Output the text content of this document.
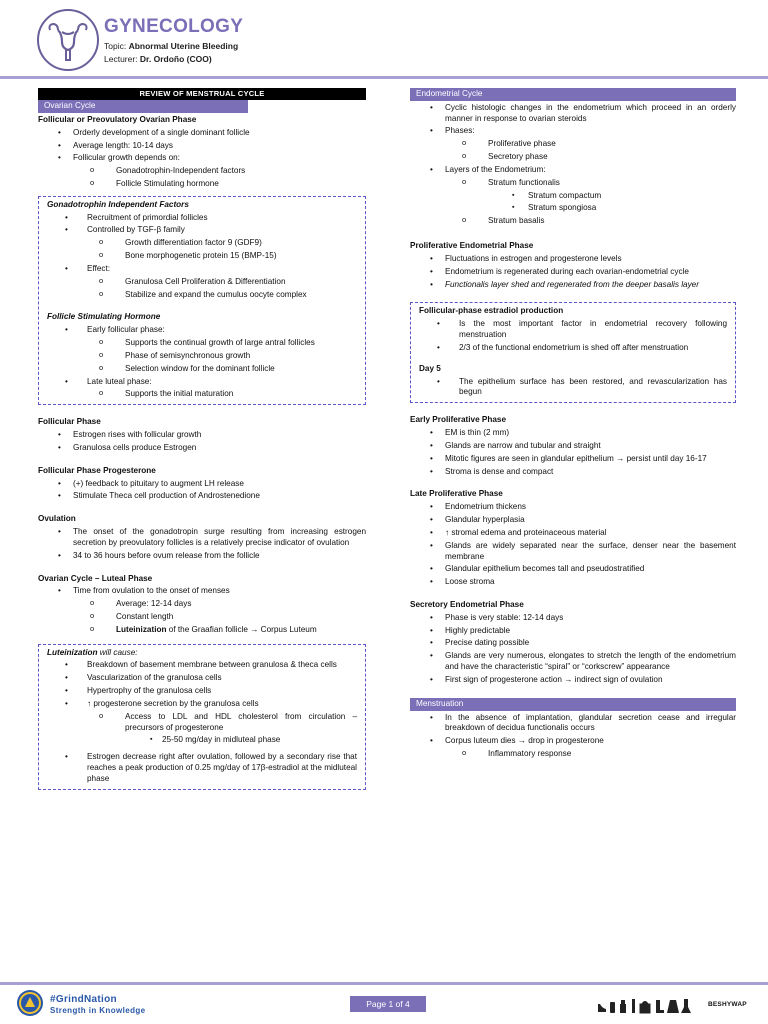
GYNECOLOGY
Topic: Abnormal Uterine Bleeding
Lecturer: Dr. Ordoño (COO)
REVIEW OF MENSTRUAL CYCLE
Ovarian Cycle
Follicular or Preovulatory Ovarian Phase
• Orderly development of a single dominant follicle
• Average length: 10-14 days
• Follicular growth depends on:
o Gonadotrophin-Independent factors
o Follicle Stimulating hormone
Gonadotrophin Independent Factors
• Recruitment of primordial follicles
• Controlled by TGF-β family
o Growth differentiation factor 9 (GDF9)
o Bone morphogenetic protein 15 (BMP-15)
• Effect:
o Granulosa Cell Proliferation & Differentiation
o Stabilize and expand the cumulus oocyte complex
Follicle Stimulating Hormone
• Early follicular phase:
o Supports the continual growth of large antral follicles
o Phase of semisynchronous growth
o Selection window for the dominant follicle
• Late luteal phase:
o Supports the initial maturation
Follicular Phase
• Estrogen rises with follicular growth
• Granulosa cells produce Estrogen
Follicular Phase Progesterone
• (+) feedback to pituitary to augment LH release
• Stimulate Theca cell production of Androstenedione
Ovulation
• The onset of the gonadotropin surge resulting from increasing estrogen secretion by preovulatory follicles is a relatively precise indicator of ovulation
• 34 to 36 hours before ovum release from the follicle
Ovarian Cycle – Luteal Phase
• Time from ovulation to the onset of menses
o Average: 12-14 days
o Constant length
o Luteinization of the Graafian follicle → Corpus Luteum
Luteinization will cause:
• Breakdown of basement membrane between granulosa & theca cells
• Vascularization of the granulosa cells
• Hypertrophy of the granulosa cells
• ↑ progesterone secretion by the granulosa cells
o Access to LDL and HDL cholesterol from circulation – precursors of progesterone
▪ 25-50 mg/day in midluteal phase
• Estrogen decrease right after ovulation, followed by a secondary rise that reaches a peak production of 0.25 mg/day of 17β-estradiol at the midluteal phase
Endometrial Cycle
• Cyclic histologic changes in the endometrium which proceed in an orderly manner in response to ovarian steroids
• Phases:
o Proliferative phase
o Secretory phase
• Layers of the Endometrium:
o Stratum functionalis
▪ Stratum compactum
▪ Stratum spongiosa
o Stratum basalis
Proliferative Endometrial Phase
• Fluctuations in estrogen and progesterone levels
• Endometrium is regenerated during each ovarian-endometrial cycle
• Functionalis layer shed and regenerated from the deeper basalis layer
Follicular-phase estradiol production
• Is the most important factor in endometrial recovery following menstruation
• 2/3 of the functional endometrium is shed off after menstruation
Day 5
• The epithelium surface has been restored, and revascularization has begun
Early Proliferative Phase
• EM is thin (2 mm)
• Glands are narrow and tubular and straight
• Mitotic figures are seen in glandular epithelium → persist until day 16-17
• Stroma is dense and compact
Late Proliferative Phase
• Endometrium thickens
• Glandular hyperplasia
• ↑ stromal edema and proteinaceous material
• Glands are widely separated near the surface, denser near the basement membrane
• Glandular epithelium becomes tall and pseudostratified
• Loose stroma
Secretory Endometrial Phase
• Phase is very stable: 12-14 days
• Highly predictable
• Precise dating possible
• Glands are very numerous, elongates to stretch the length of the endometrium and have the characteristic “spiral” or “corkscrew” appearance
• First sign of progesterone action → indirect sign of ovulation
Menstruation
• In the absence of implantation, glandular secretion cease and irregular breakdown of decidua functionalis occurs
• Corpus luteum dies → drop in progesterone
o Inflammatory response
#GrindNation
Strength in Knowledge
Page 1 of 4	BESHYWAP
